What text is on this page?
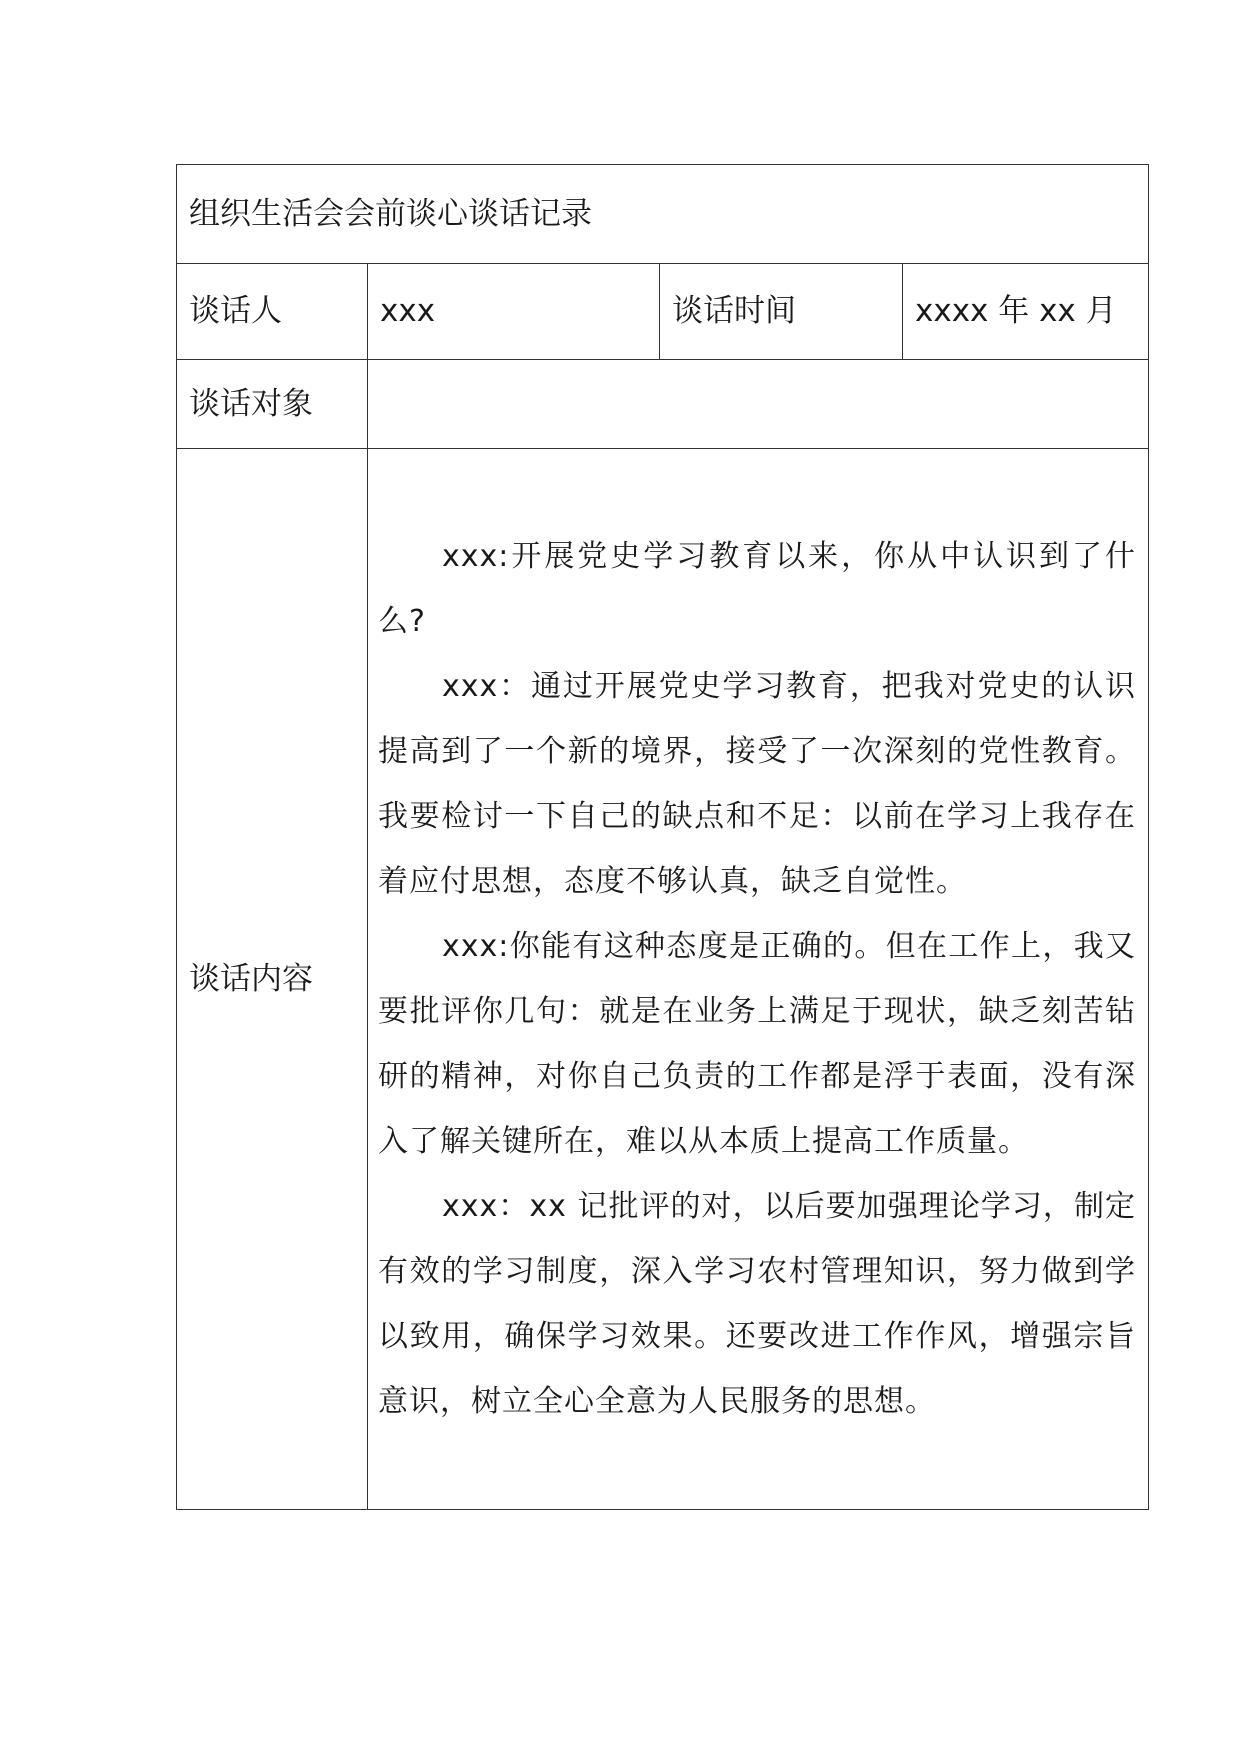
组织生活会会前谈心谈话记录			
谈话人	xxx	谈话时间	xxxx 年 xx 月
谈话对象			
谈话内容	xxx:开展党史学习教育以来，你从中认识到了什么?

xxx：通过开展党史学习教育，把我对党史的认识提高到了一个新的境界，接受了一次深刻的党性教育。我要检讨一下自己的缺点和不足：以前在学习上我存在着应付思想，态度不够认真，缺乏自觉性。

xxx:你能有这种态度是正确的。但在工作上，我又要批评你几句：就是在业务上满足于现状，缺乏刻苦钻研的精神，对你自己负责的工作都是浮于表面，没有深入了解关键所在，难以从本质上提高工作质量。

xxx：xx 记批评的对，以后要加强理论学习，制定有效的学习制度，深入学习农村管理知识，努力做到学以致用，确保学习效果。还要改进工作作风，增强宗旨意识，树立全心全意为人民服务的思想。		
